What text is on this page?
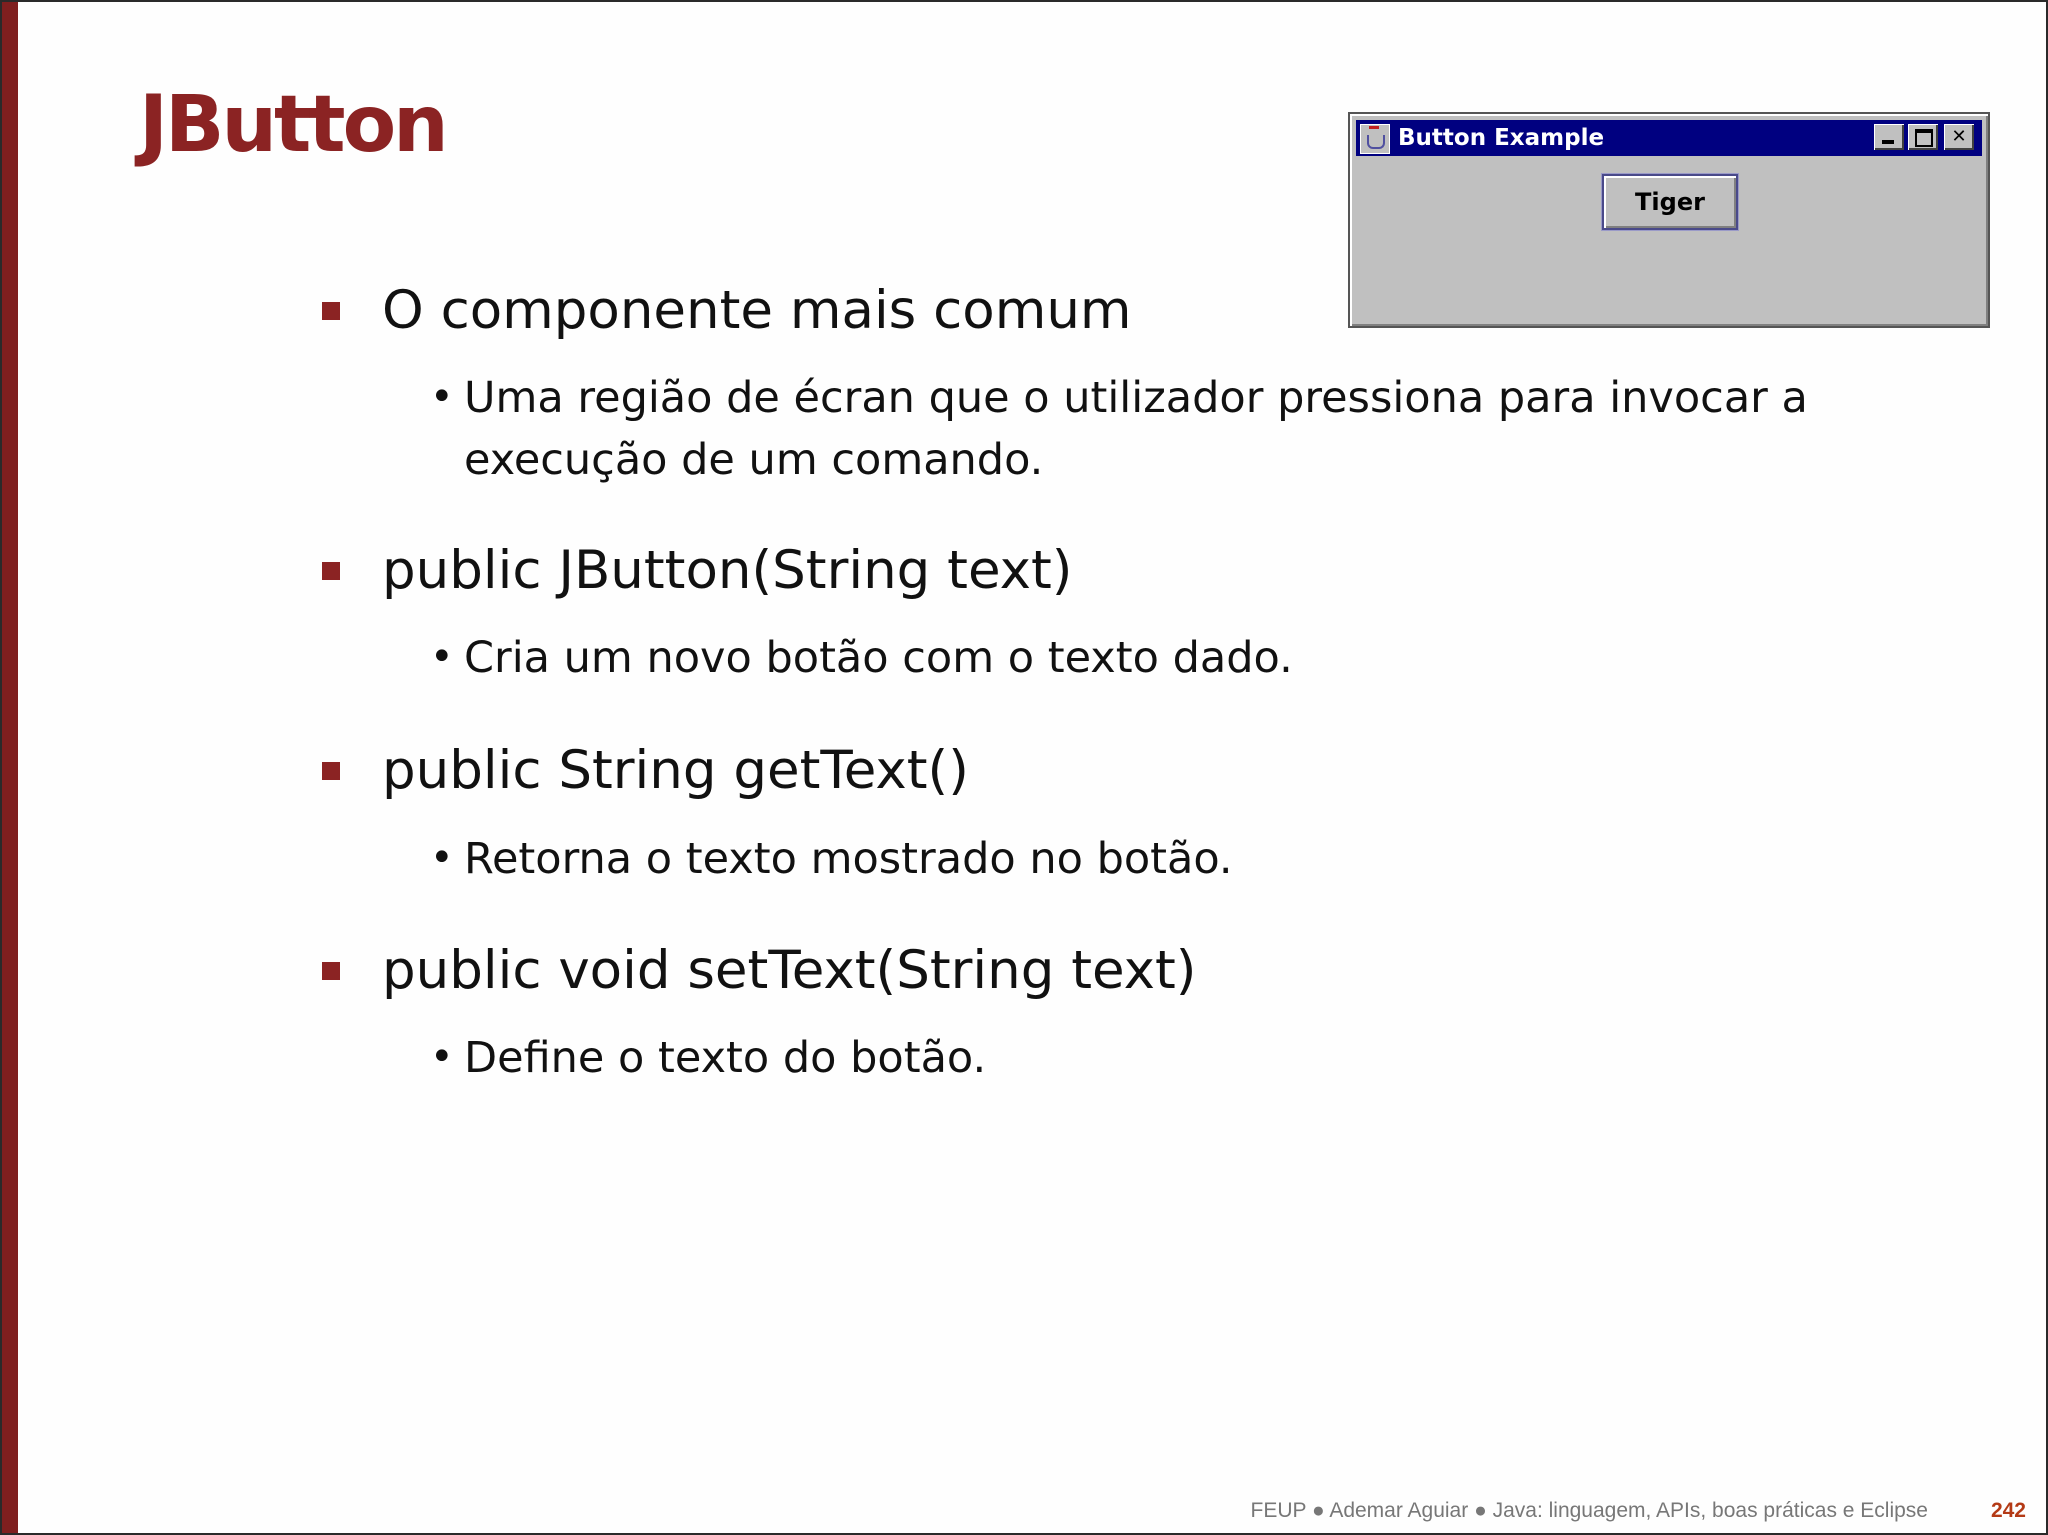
JButton	Button Example	✕
Tiger
O componente mais comum
• Uma região de écran que o utilizador pressiona para invocar a execução de um comando.
public JButton(String text)
• Cria um novo botão com o texto dado.
public String getText()
• Retorna o texto mostrado no botão.
public void setText(String text)
• Define o texto do botão.
FEUP ● Ademar Aguiar ● Java: linguagem, APIs, boas práticas e Eclipse	242
